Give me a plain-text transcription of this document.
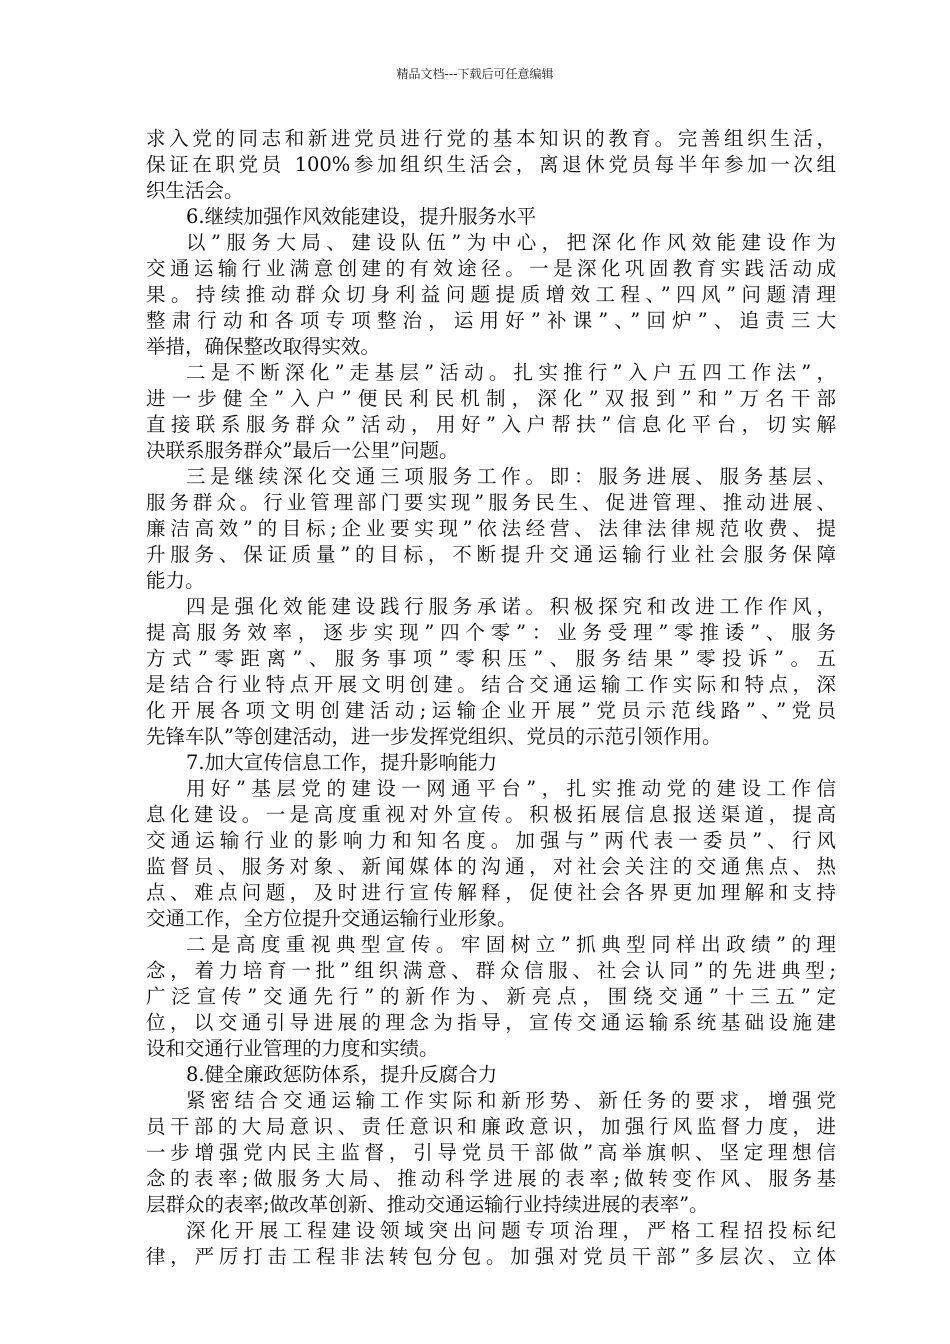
精品文档---下载后可任意编辑
求入党的同志和新进党员进行党的基本知识的教育。完善组织生活，
保证在职党员 100%参加组织生活会，离退休党员每半年参加一次组
织生活会。
6.继续加强作风效能建设，提升服务水平
以”服务大局、建设队伍”为中心，把深化作风效能建设作为
交通运输行业满意创建的有效途径。一是深化巩固教育实践活动成
果。持续推动群众切身利益问题提质增效工程、”四风”问题清理
整肃行动和各项专项整治，运用好”补课”、”回炉”、追责三大
举措，确保整改取得实效。
二是不断深化”走基层”活动。扎实推行”入户五四工作法”，
进一步健全”入户”便民利民机制，深化”双报到”和”万名干部
直接联系服务群众”活动，用好”入户帮扶”信息化平台，切实解
决联系服务群众”最后一公里”问题。
三是继续深化交通三项服务工作。即：服务进展、服务基层、
服务群众。行业管理部门要实现”服务民生、促进管理、推动进展、
廉洁高效”的目标;企业要实现”依法经营、法律法律规范收费、提
升服务、保证质量”的目标，不断提升交通运输行业社会服务保障
能力。
四是强化效能建设践行服务承诺。积极探究和改进工作作风，
提高服务效率，逐步实现”四个零”：业务受理”零推诿”、服务
方式”零距离”、服务事项”零积压”、服务结果”零投诉”。五
是结合行业特点开展文明创建。结合交通运输工作实际和特点，深
化开展各项文明创建活动;运输企业开展”党员示范线路”、”党员
先锋车队”等创建活动，进一步发挥党组织、党员的示范引领作用。
7.加大宣传信息工作，提升影响能力
用好”基层党的建设一网通平台”，扎实推动党的建设工作信
息化建设。一是高度重视对外宣传。积极拓展信息报送渠道，提高
交通运输行业的影响力和知名度。加强与”两代表一委员”、行风
监督员、服务对象、新闻媒体的沟通，对社会关注的交通焦点、热
点、难点问题，及时进行宣传解释，促使社会各界更加理解和支持
交通工作，全方位提升交通运输行业形象。
二是高度重视典型宣传。牢固树立”抓典型同样出政绩”的理
念，着力培育一批”组织满意、群众信服、社会认同”的先进典型;
广泛宣传”交通先行”的新作为、新亮点，围绕交通”十三五”定
位，以交通引导进展的理念为指导，宣传交通运输系统基础设施建
设和交通行业管理的力度和实绩。
8.健全廉政惩防体系，提升反腐合力
紧密结合交通运输工作实际和新形势、新任务的要求，增强党
员干部的大局意识、责任意识和廉政意识，加强行风监督力度，进
一步增强党内民主监督，引导党员干部做”高举旗帜、坚定理想信
念的表率;做服务大局、推动科学进展的表率;做转变作风、服务基
层群众的表率;做改革创新、推动交通运输行业持续进展的表率”。
深化开展工程建设领域突出问题专项治理，严格工程招投标纪
律，严厉打击工程非法转包分包。加强对党员干部”多层次、立体
